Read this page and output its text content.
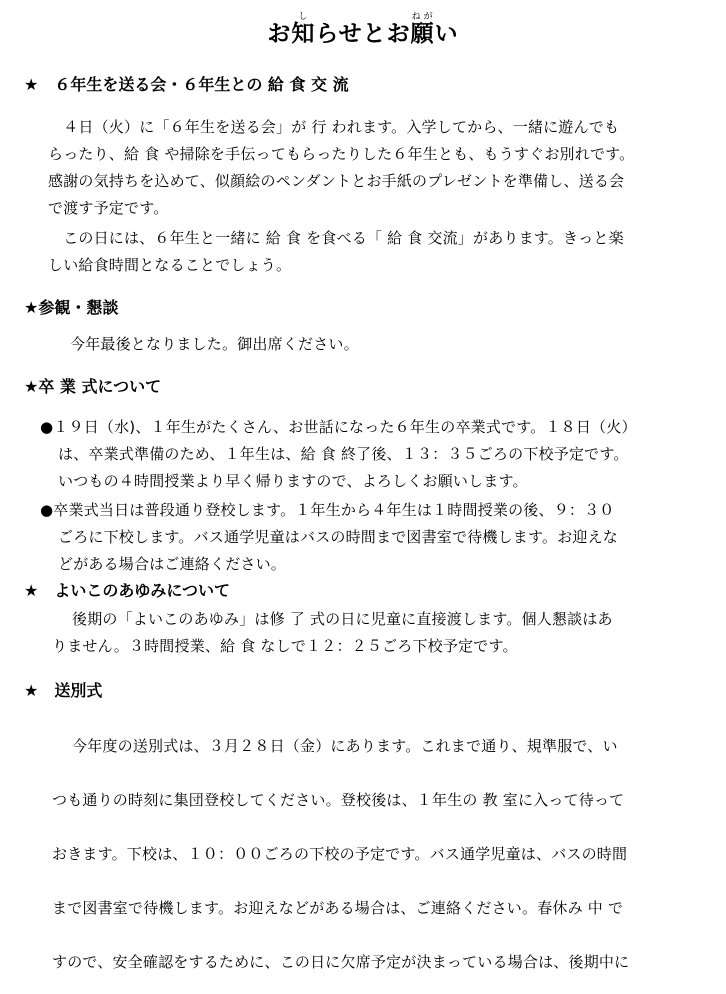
お知しらせとお願ねがい
★　６年生を送る会・６年生との 給 食 交 流
　４日（火）に「６年生を送る会」が 行 われます。入学してから、一緒に遊んでも
らったり、給 食 や掃除を手伝ってもらったりした６年生とも、もうすぐお別れです。
感謝の気持ちを込めて、似顔絵のペンダントとお手紙のプレゼントを準備し、送る会
で渡す予定です。
　この日には、６年生と一緒に 給 食 を食べる「 給 食 交流」があります。きっと楽
しい給食時間となることでしょう。
★参観・懇談
今年最後となりました。御出席ください。
★卒 業 式について
●１９日（水)、１年生がたくさん、お世話になった６年生の卒業式です。１８日（火）
は、卒業式準備のため、１年生は、給 食 終了後、１３：３５ごろの下校予定です。
いつもの４時間授業より早く帰りますので、よろしくお願いします。
●卒業式当日は普段通り登校します。１年生から４年生は１時間授業の後、９：３０
ごろに下校します。バス通学児童はバスの時間まで図書室で待機します。お迎えな
どがある場合はご連絡ください。
★　よいこのあゆみについて
後期の「よいこのあゆみ」は修 了 式の日に児童に直接渡します。個人懇談はあ
りません。３時間授業、給 食 なしで１２：２５ごろ下校予定です。
★　送別式
今年度の送別式は、３月２８日（金）にあります。これまで通り、規準服で、い
つも通りの時刻に集団登校してください。登校後は、１年生の 教 室に入って待って
おきます。下校は、１０：００ごろの下校の予定です。バス通学児童は、バスの時間
まで図書室で待機します。お迎えなどがある場合は、ご連絡ください。春休み 中 で
すので、安全確認をするために、この日に欠席予定が決まっている場合は、後期中に
